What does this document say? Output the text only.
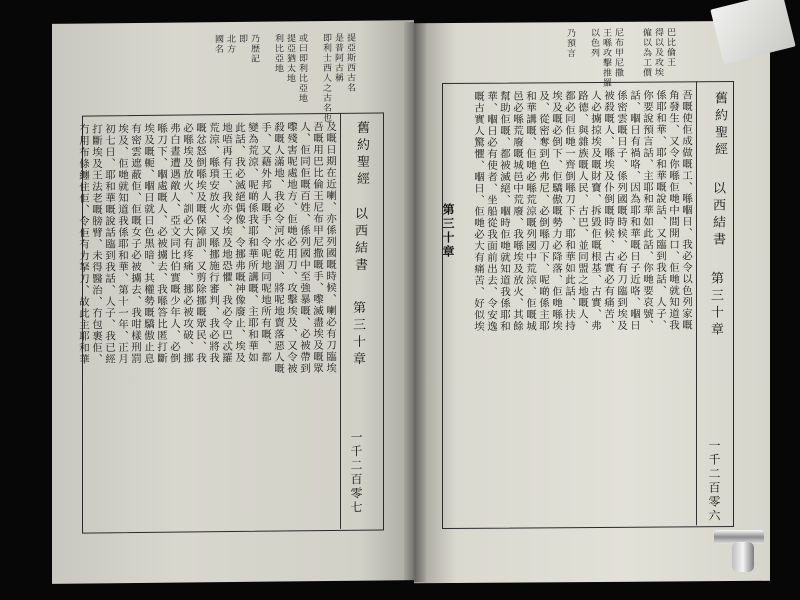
舊約聖經
以西結書
第三十章
一千二百零七
提亞斯西古名
是普阿古稱
即利士西人之古名也
或曰即利比亞地
提亞猶太地
利比亞地
乃歴記
即
北方
國名
及嘅日期在近喇、亦係列國嘅時候、喇必有刀臨埃
吾嘅用巴比倫王尼布甲尼撒嘅手、嚟滅盡埃及嘅眾
人、佢同佢嘅百姓、係列國中至強暴嘅、必被帶到
嚟殘害呢處地方、佢哋必用刀、攻擊埃及、又令被
殺嘅人滿地、我必令河水乾涸、將呢地賣落惡人嘅
手、又藉外邦人嘅手、令呢地同呢地所有嘅、都
變為荒涼、呢啲係我耶和華所講嘅、主耶和華如
此話、我必滅絕偶像、令挪弗嘅神像廢止、埃及
地唔再有王、我亦令埃及地恐懼、我必令巴忒羅
荒涼、喺瑣安放火、又喺挪施行審判、我必將我
嘅忿怒倒喺埃及嘅保障訓、又剪除挪嘅眾民、我
必喺埃及放火、訓必大有疼痛、挪必被攻破、挪
弗白晝遭遇敵人、亞文同比伯實嘅少年人、必倒
喺刀下、嗰處嘅人、必被擄去、我喺答比匿打斷
埃及嘅軛、嗰日就日色黑暗、其權勢嘅驕傲止息
有密雲遮蔽佢、佢嘅女子必被擄去、我咁樣刑罰
埃及、佢哋就知道我係耶和華、第十一年、正月
初七日、耶和華嘅說話臨到我話、人子、我已經
打斷埃及王法老嘅膀臂、未得醫治、冇包裹佢、
冇用布條纏住佢、令佢有力拏刀、故此主耶和華	舊約聖經
以西結書
第三十章
一千二百零六
巴比倫王
得以及攻埃
僱以為工價
尼布甲尼撒
王喺攻擊推羅
以色列
乃預言
吾嘅使佢成做嘅工、喺嗰日、我必令以色列家嘅
角發生、又令你喺佢哋中間開口、佢哋就知道我
係耶和華、耶和華嘅說話、又臨到我話、人子、
你要說預言話、主耶和華如此話、你哋要哀號、
話、嗰日有禍咯、因為耶和華嘅日子近咯、嗰日
係密雲嘅日子、係列國嘅時候、必有刀臨到埃及
被殺嘅人、喺埃及仆倒嘅時候、古實必有痛苦、
人必擄掠埃及嘅財寶、拆毀佢嘅根基、古實、弗
路德、與雜族嘅人民、古巴、並同盟之地嘅人、
都必同佢哋一齊倒喺刀下、耶和華如此話、扶持
埃及嘅必倒下、佢驕傲嘅勢力必降落、佢哋喺埃
及、從密奪到色弗尼、必倒喺刀下、呢啲係主耶
和華講嘅、佢哋必喺荒涼嘅列國中荒涼、佢嘅城
邑必喺荒廢嘅城邑中荒廢、我喺埃及放火、其餘
幫助佢嘅、都被滅絕、嗰時佢哋就知道我係耶和
華、嗰日必有使者、坐船從我面前出去、令安逸
嘅古實人驚懼、嗰日、佢哋必大有痛苦、好似埃
第三十章
